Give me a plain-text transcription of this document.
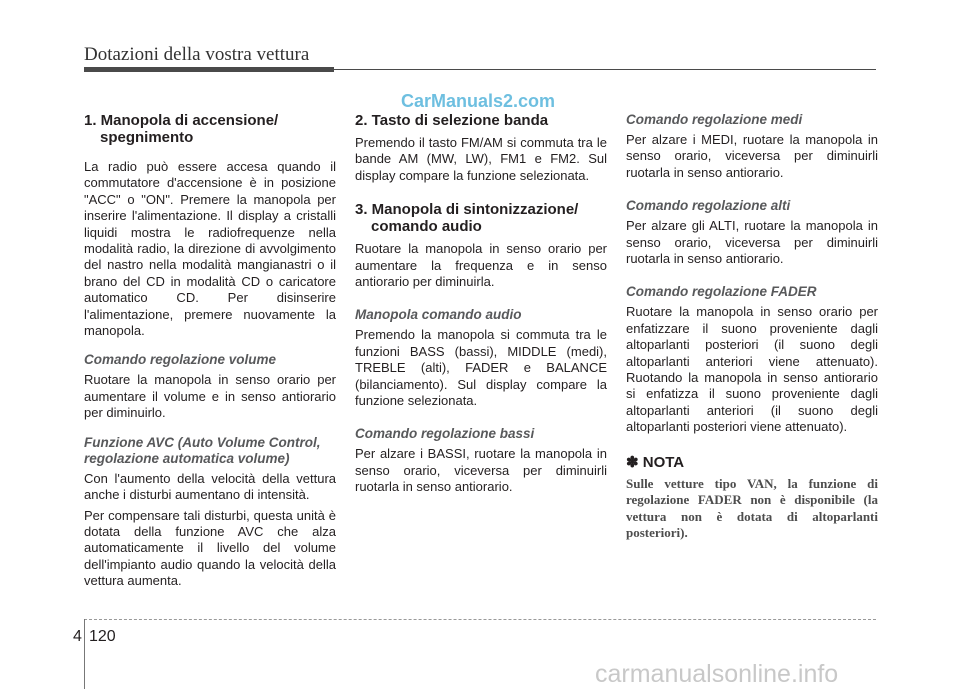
Dotazioni della vostra vettura
CarManuals2.com
1. Manopola di accensione/ spegnimento
La radio può essere accesa quando il commutatore d'accensione è in posizione "ACC" o "ON". Premere la manopola per inserire l'alimentazione. Il display a cristalli liquidi mostra le radiofrequenze nella modalità radio, la direzione di avvolgimento del nastro nella modalità mangianastri o il brano del CD in modalità CD o caricatore automatico CD. Per disinserire l'alimentazione, premere nuovamente la manopola.
Comando regolazione volume
Ruotare la manopola in senso orario per aumentare il volume e in senso antiorario per diminuirlo.
Funzione AVC (Auto Volume Control, regolazione automatica volume)
Con l'aumento della velocità della vettura anche i disturbi aumentano di intensità.
Per compensare tali disturbi, questa unità è dotata della funzione AVC che alza automaticamente il livello del volume dell'impianto audio quando la velocità della vettura aumenta.
2. Tasto di selezione banda
Premendo il tasto FM/AM si commuta tra le bande AM (MW, LW), FM1 e FM2. Sul display compare la funzione selezionata.
3. Manopola di sintonizzazione/ comando audio
Ruotare la manopola in senso orario per aumentare la frequenza e in senso antiorario per diminuirla.
Manopola comando audio
Premendo la manopola si commuta tra le funzioni BASS (bassi), MIDDLE (medi), TREBLE (alti), FADER e BALANCE (bilanciamento). Sul display compare la funzione selezionata.
Comando regolazione bassi
Per alzare i BASSI, ruotare la manopola in senso orario, viceversa per diminuirli ruotarla in senso antiorario.
Comando regolazione medi
Per alzare i MEDI, ruotare la manopola in senso orario, viceversa per diminuirli ruotarla in senso antiorario.
Comando regolazione alti
Per alzare gli ALTI, ruotare la manopola in senso orario, viceversa per diminuirli ruotarla in senso antiorario.
Comando regolazione FADER
Ruotare la manopola in senso orario per enfatizzare il suono proveniente dagli altoparlanti posteriori (il suono degli altoparlanti anteriori viene attenuato). Ruotando la manopola in senso antiorario si enfatizza il suono proveniente dagli altoparlanti anteriori (il suono degli altoparlanti posteriori viene attenuato).
✽ NOTA
Sulle vetture tipo VAN, la funzione di regolazione FADER non è disponibile (la vettura non è dotata di altoparlanti posteriori).
4 120
carmanualsonline.info
